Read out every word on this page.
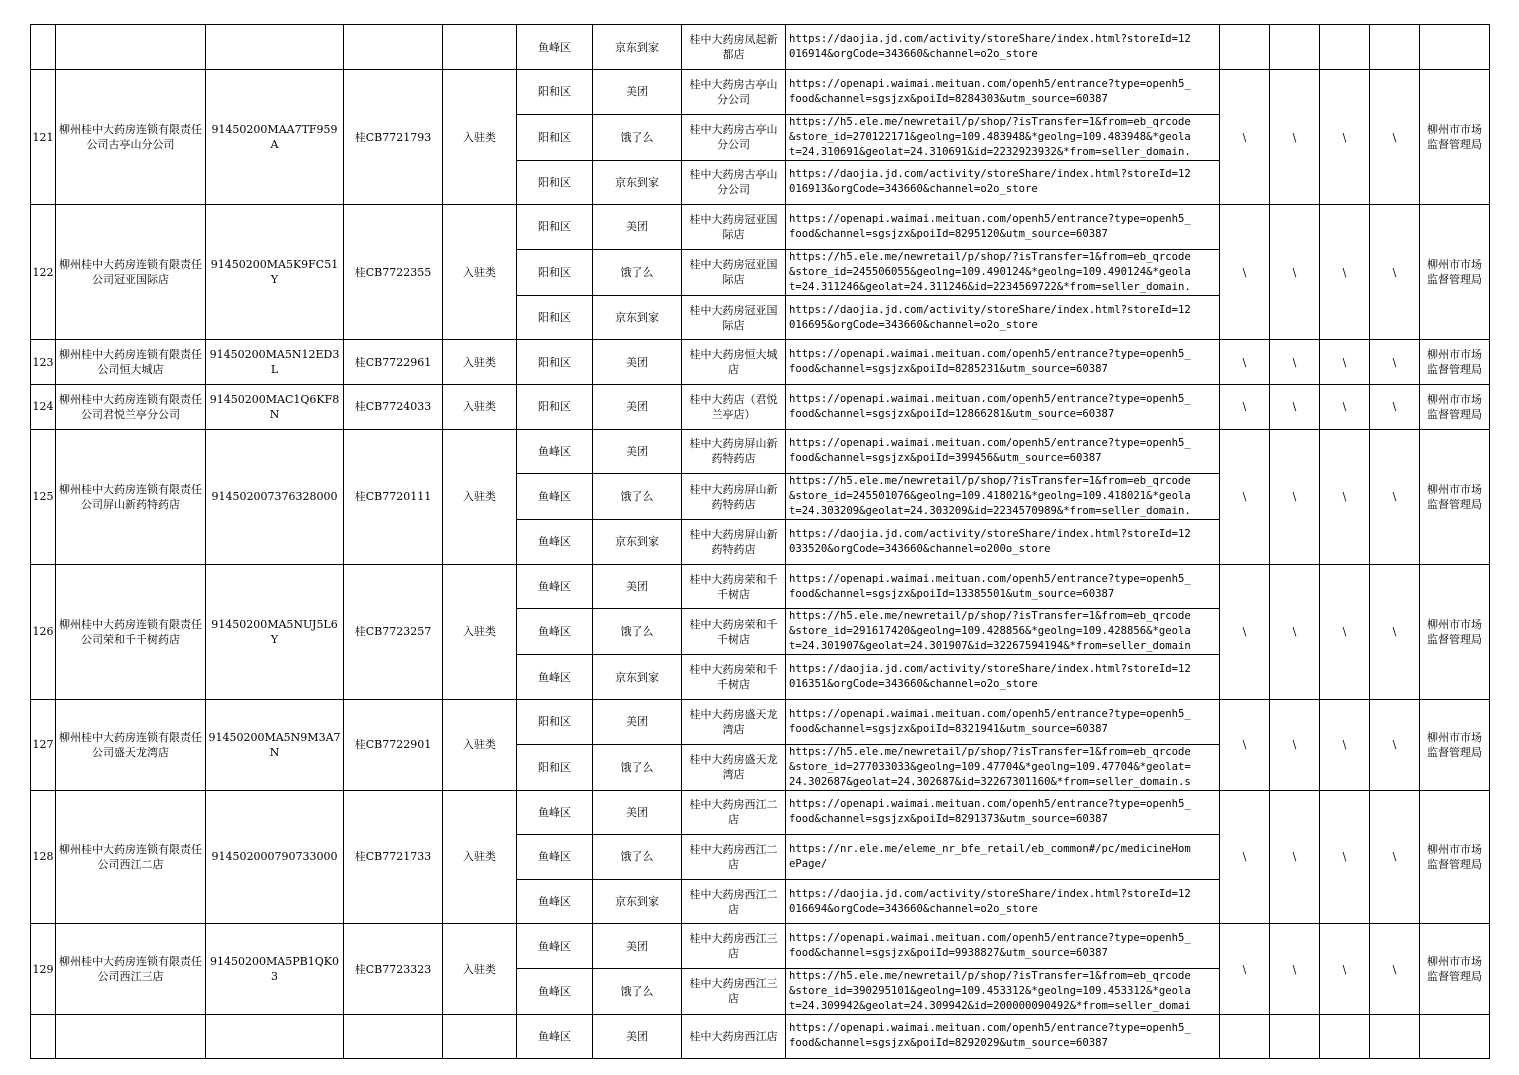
					鱼峰区	京东到家	桂中大药房凤起新都店	https://daojia.jd.com/activity/storeShare/index.html?storeId=12
016914&orgCode=343660&channel=o2o_store					

121	柳州桂中大药房连锁有限责任公司古亭山分公司	91450200MAA7TF959A	桂CB7721793	入驻类	阳和区	美团	桂中大药房古亭山分公司	https://openapi.waimai.meituan.com/openh5/entrance?type=openh5_
food&channel=sgsjzx&poiId=8284303&utm_source=60387	\	\	\	\	柳州市市场监督管理局

					阳和区	饿了么	桂中大药房古亭山分公司	https://h5.ele.me/newretail/p/shop/?isTransfer=1&from=eb_qrcode
&store_id=270122171&geolng=109.483948&*geolng=109.483948&*geola
t=24.310691&geolat=24.310691&id=2232923932&*from=seller_domain.					

					阳和区	京东到家	桂中大药房古亭山分公司	https://daojia.jd.com/activity/storeShare/index.html?storeId=12
016913&orgCode=343660&channel=o2o_store					

122	柳州桂中大药房连锁有限责任公司冠亚国际店	91450200MA5K9FC51Y	桂CB7722355	入驻类	阳和区	美团	桂中大药房冠亚国际店	https://openapi.waimai.meituan.com/openh5/entrance?type=openh5_
food&channel=sgsjzx&poiId=8295120&utm_source=60387	\	\	\	\	柳州市市场监督管理局

					阳和区	饿了么	桂中大药房冠亚国际店	https://h5.ele.me/newretail/p/shop/?isTransfer=1&from=eb_qrcode
&store_id=245506055&geolng=109.490124&*geolng=109.490124&*geola
t=24.311246&geolat=24.311246&id=2234569722&*from=seller_domain.					

					阳和区	京东到家	桂中大药房冠亚国际店	https://daojia.jd.com/activity/storeShare/index.html?storeId=12
016695&orgCode=343660&channel=o2o_store					

123	柳州桂中大药房连锁有限责任公司恒大城店	91450200MA5N12ED3L	桂CB7722961	入驻类	阳和区	美团	桂中大药房恒大城店	https://openapi.waimai.meituan.com/openh5/entrance?type=openh5_
food&channel=sgsjzx&poiId=8285231&utm_source=60387	\	\	\	\	柳州市市场监督管理局

124	柳州桂中大药房连锁有限责任公司君悦兰亭分公司	91450200MAC1Q6KF8N	桂CB7724033	入驻类	阳和区	美团	桂中大药店（君悦兰亭店）	https://openapi.waimai.meituan.com/openh5/entrance?type=openh5_
food&channel=sgsjzx&poiId=12866281&utm_source=60387	\	\	\	\	柳州市市场监督管理局

125	柳州桂中大药房连锁有限责任公司屏山新药特药店	914502007376328000	桂CB7720111	入驻类	鱼峰区	美团	桂中大药房屏山新药特药店	https://openapi.waimai.meituan.com/openh5/entrance?type=openh5_
food&channel=sgsjzx&poiId=399456&utm_source=60387	\	\	\	\	柳州市市场监督管理局

					鱼峰区	饿了么	桂中大药房屏山新药特药店	https://h5.ele.me/newretail/p/shop/?isTransfer=1&from=eb_qrcode
&store_id=245501076&geolng=109.418021&*geolng=109.418021&*geola
t=24.303209&geolat=24.303209&id=2234570989&*from=seller_domain.					

					鱼峰区	京东到家	桂中大药房屏山新药特药店	https://daojia.jd.com/activity/storeShare/index.html?storeId=12
033520&orgCode=343660&channel=o200o_store					

126	柳州桂中大药房连锁有限责任公司荣和千千树药店	91450200MA5NUJ5L6Y	桂CB7723257	入驻类	鱼峰区	美团	桂中大药房荣和千千树店	https://openapi.waimai.meituan.com/openh5/entrance?type=openh5_
food&channel=sgsjzx&poiId=13385501&utm_source=60387	\	\	\	\	柳州市市场监督管理局

					鱼峰区	饿了么	桂中大药房荣和千千树店	https://h5.ele.me/newretail/p/shop/?isTransfer=1&from=eb_qrcode
&store_id=291617420&geolng=109.428856&*geolng=109.428856&*geola
t=24.301907&geolat=24.301907&id=32267594194&*from=seller_domain					

					鱼峰区	京东到家	桂中大药房荣和千千树店	https://daojia.jd.com/activity/storeShare/index.html?storeId=12
016351&orgCode=343660&channel=o2o_store					

127	柳州桂中大药房连锁有限责任公司盛天龙湾店	91450200MA5N9M3A7N	桂CB7722901	入驻类	阳和区	美团	桂中大药房盛天龙湾店	https://openapi.waimai.meituan.com/openh5/entrance?type=openh5_
food&channel=sgsjzx&poiId=8321941&utm_source=60387	\	\	\	\	柳州市市场监督管理局

					阳和区	饿了么	桂中大药房盛天龙湾店	https://h5.ele.me/newretail/p/shop/?isTransfer=1&from=eb_qrcode
&store_id=277033033&geolng=109.47704&*geolng=109.47704&*geolat=
24.302687&geolat=24.302687&id=32267301160&*from=seller_domain.s					

128	柳州桂中大药房连锁有限责任公司西江二店	914502000790733000	桂CB7721733	入驻类	鱼峰区	美团	桂中大药房西江二店	https://openapi.waimai.meituan.com/openh5/entrance?type=openh5_
food&channel=sgsjzx&poiId=8291373&utm_source=60387	\	\	\	\	柳州市市场监督管理局

					鱼峰区	饿了么	桂中大药房西江二店	https://nr.ele.me/eleme_nr_bfe_retail/eb_common#/pc/medicineHom
ePage/					

					鱼峰区	京东到家	桂中大药房西江二店	https://daojia.jd.com/activity/storeShare/index.html?storeId=12
016694&orgCode=343660&channel=o2o_store					

129	柳州桂中大药房连锁有限责任公司西江三店	91450200MA5PB1QK03	桂CB7723323	入驻类	鱼峰区	美团	桂中大药房西江三店	https://openapi.waimai.meituan.com/openh5/entrance?type=openh5_
food&channel=sgsjzx&poiId=9938827&utm_source=60387	\	\	\	\	柳州市市场监督管理局

					鱼峰区	饿了么	桂中大药房西江三店	https://h5.ele.me/newretail/p/shop/?isTransfer=1&from=eb_qrcode
&store_id=390295101&geolng=109.453312&*geolng=109.453312&*geola
t=24.309942&geolat=24.309942&id=200000090492&*from=seller_domai					

					鱼峰区	美团	桂中大药房西江店	https://openapi.waimai.meituan.com/openh5/entrance?type=openh5_
food&channel=sgsjzx&poiId=8292029&utm_source=60387					
